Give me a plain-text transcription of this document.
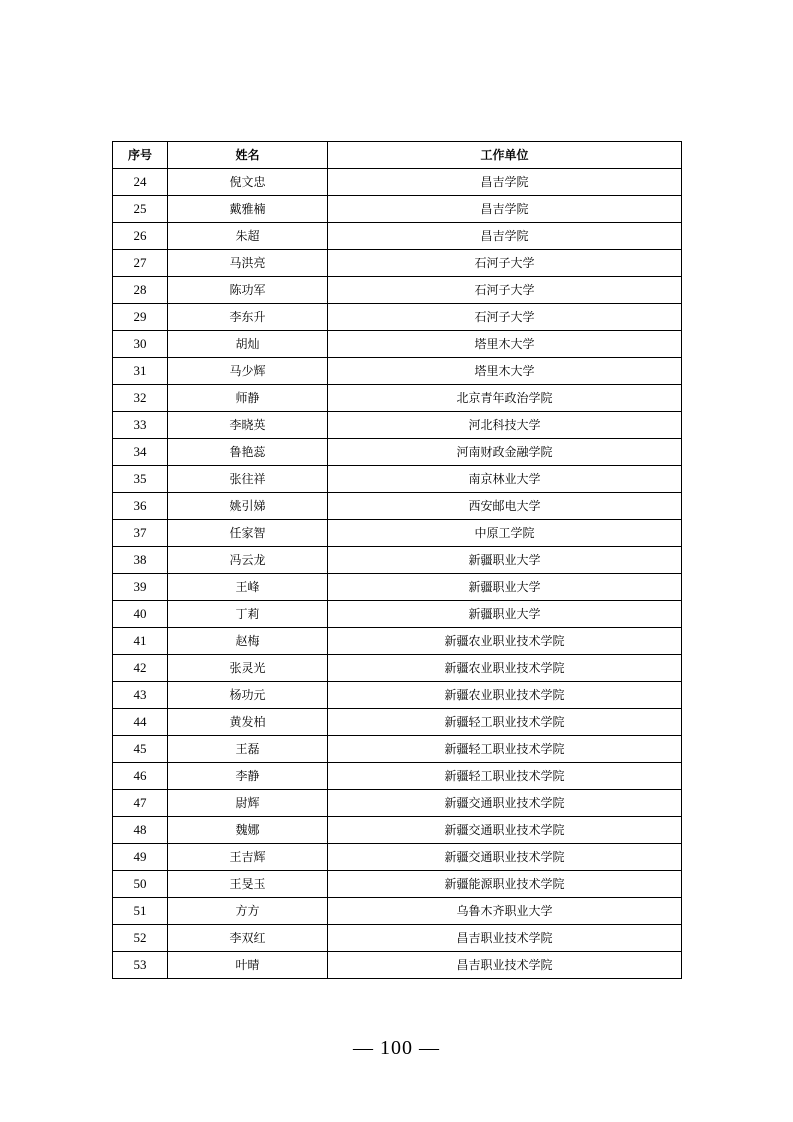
序号	姓名	工作单位
24	倪文忠	昌吉学院
25	戴雅楠	昌吉学院
26	朱超	昌吉学院
27	马洪亮	石河子大学
28	陈功军	石河子大学
29	李东升	石河子大学
30	胡灿	塔里木大学
31	马少辉	塔里木大学
32	师静	北京青年政治学院
33	李晓英	河北科技大学
34	鲁艳蕊	河南财政金融学院
35	张往祥	南京林业大学
36	姚引娣	西安邮电大学
37	任家智	中原工学院
38	冯云龙	新疆职业大学
39	王峰	新疆职业大学
40	丁莉	新疆职业大学
41	赵梅	新疆农业职业技术学院
42	张灵光	新疆农业职业技术学院
43	杨功元	新疆农业职业技术学院
44	黄发柏	新疆轻工职业技术学院
45	王磊	新疆轻工职业技术学院
46	李静	新疆轻工职业技术学院
47	尉辉	新疆交通职业技术学院
48	魏娜	新疆交通职业技术学院
49	王吉辉	新疆交通职业技术学院
50	王旻玉	新疆能源职业技术学院
51	方方	乌鲁木齐职业大学
52	李双红	昌吉职业技术学院
53	叶晴	昌吉职业技术学院
— 100 —
